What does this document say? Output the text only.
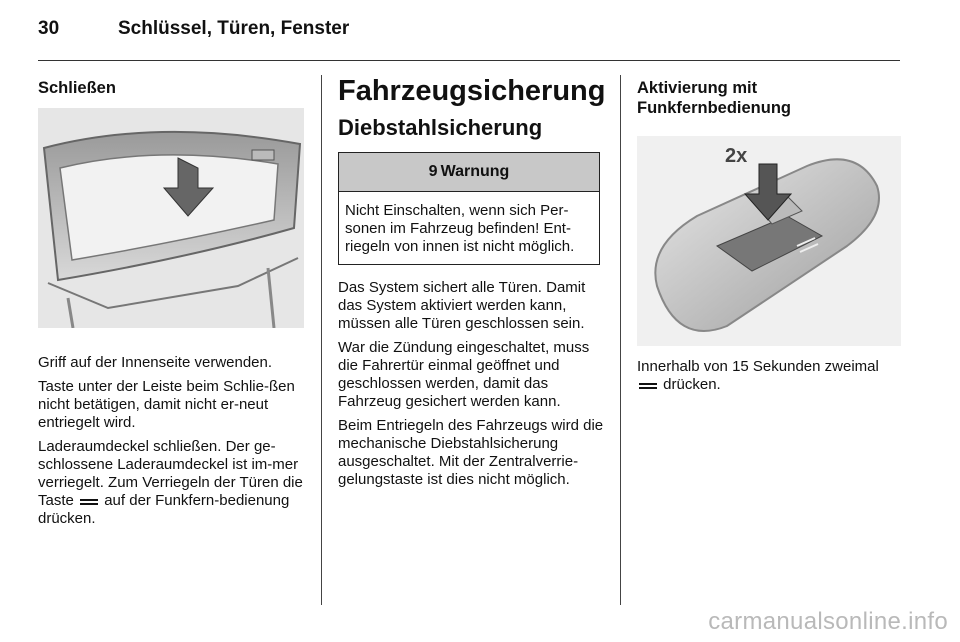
30	Schlüssel, Türen, Fenster
Schließen

Griff auf der Innenseite verwenden.

Taste unter der Leiste beim Schlie-ßen nicht betätigen, damit nicht er-neut entriegelt wird.

Laderaumdeckel schließen. Der ge-schlossene Laderaumdeckel ist im-mer verriegelt. Zum Verriegeln der Türen die Taste auf der Funkfern-bedienung drücken.

Fahrzeugsicherung
Diebstahlsicherung
9 Warnung
Nicht Einschalten, wenn sich Per-sonen im Fahrzeug befinden! Ent-riegeln von innen ist nicht möglich.

Das System sichert alle Türen. Damit das System aktiviert werden kann, müssen alle Türen geschlossen sein.

War die Zündung eingeschaltet, muss die Fahrertür einmal geöffnet und geschlossen werden, damit das Fahrzeug gesichert werden kann.

Beim Entriegeln des Fahrzeugs wird die mechanische Diebstahlsicherung ausgeschaltet. Mit der Zentralverrie-gelungstaste ist dies nicht möglich.

Aktivierung mit
Funkfernbedienung
2x

Innerhalb von 15 Sekunden zweimal

drücken.

carmanualsonline.info
